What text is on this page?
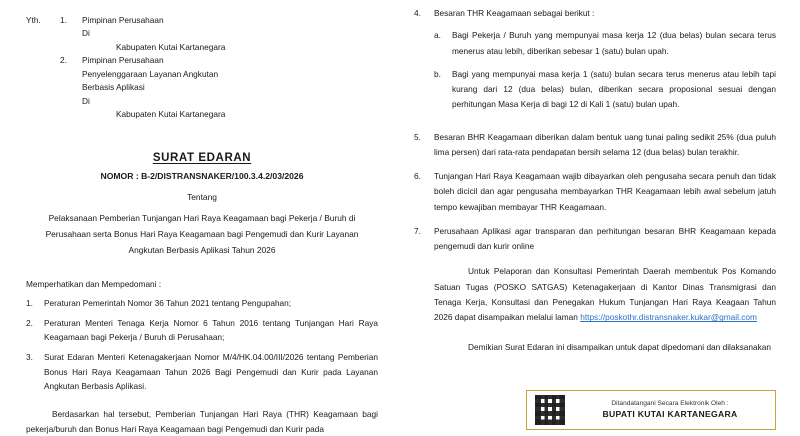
Yth.	1.	Pimpinan Perusahaan
Di
Kabupaten Kutai Kartanegara
2.	Pimpinan Perusahaan
Penyelenggaraan Layanan Angkutan
Berbasis Aplikasi
Di
Kabupaten Kutai Kartanegara
SURAT EDARAN
NOMOR : B-2/DISTRANSNAKER/100.3.4.2/03/2026
Tentang
Pelaksanaan Pemberian Tunjangan Hari Raya Keagamaan bagi Pekerja / Buruh di Perusahaan serta Bonus Hari Raya Keagamaan bagi Pengemudi dan Kurir Layanan Angkutan Berbasis Aplikasi Tahun 2026
Memperhatikan dan Mempedomani :
1.	Peraturan Pemerintah Nomor 36 Tahun 2021 tentang Pengupahan;
2.	Peraturan Menteri Tenaga Kerja Nomor 6 Tahun 2016 tentang Tunjangan Hari Raya Keagamaan bagi Pekerja / Buruh di Perusahaan;
3.	Surat Edaran Menteri Ketenagakerjaan Nomor M/4/HK.04.00/III/2026 tentang Pemberian Bonus Hari Raya Keagamaan Tahun 2026 Bagi Pengemudi dan Kurir pada Layanan Angkutan Berbasis Aplikasi.
Berdasarkan hal tersebut, Pemberian Tunjangan Hari Raya (THR) Keagamaan bagi pekerja/buruh dan Bonus Hari Raya Keagamaan bagi Pengemudi dan Kurir pada
4.	Besaran THR Keagamaan sebagai berikut :
a.	Bagi Pekerja / Buruh yang mempunyai masa kerja 12 (dua belas) bulan secara terus menerus atau lebih, diberikan sebesar 1 (satu) bulan upah.
b.	Bagi yang mempunyai masa kerja 1 (satu) bulan secara terus menerus atau lebih tapi kurang dari 12 (dua belas) bulan, diberikan secara proposional sesuai dengan perhitungan Masa Kerja di bagi 12 di Kali 1 (satu) bulan upah.
5.	Besaran BHR Keagamaan diberikan dalam bentuk uang tunai paling sedikit 25% (dua puluh lima persen) dari rata-rata pendapatan bersih selama 12 (dua belas) bulan terakhir.
6.	Tunjangan Hari Raya Keagamaan wajib dibayarkan oleh pengusaha secara penuh dan tidak boleh dicicil dan agar pengusaha membayarkan THR Keagamaan lebih awal sebelum jatuh tempo kewajiban membayar THR Keagamaan.
7.	Perusahaan Aplikasi agar transparan dan perhitungan besaran BHR Keagamaan kepada pengemudi dan kurir online
Untuk Pelaporan dan Konsultasi Pemerintah Daerah membentuk Pos Komando Satuan Tugas (POSKO SATGAS) Ketenagakerjaan di Kantor Dinas Transmigrasi dan Tenaga Kerja, Konsultasi dan Penegakan Hukum Tunjangan Hari Raya Keagaan Tahun 2026 dapat disampaikan melalui laman https://poskothr.distransnaker.kukar@gmail.com
Demikian Surat Edaran ini disampaikan untuk dapat dipedomani dan dilaksanakan
Ditandatangani Secara Elektronik Oleh :
BUPATI KUTAI KARTANEGARA
